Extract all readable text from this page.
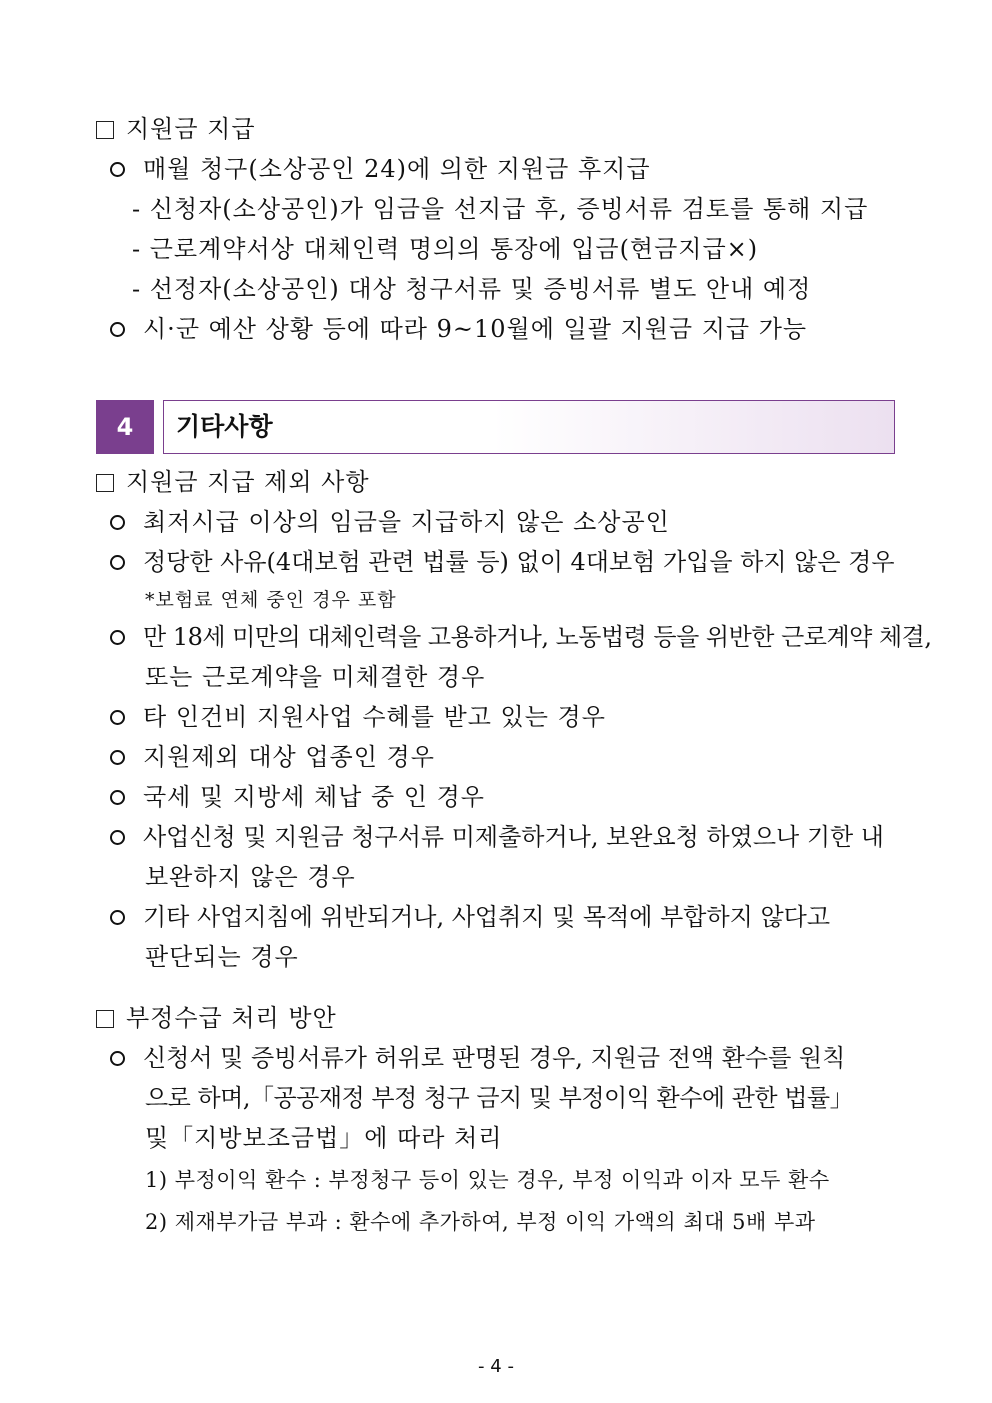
지원금 지급
매월 청구(소상공인 24)에 의한 지원금 후지급
- 신청자(소상공인)가 임금을 선지급 후, 증빙서류 검토를 통해 지급
- 근로계약서상 대체인력 명의의 통장에 입금(현금지급×)
- 선정자(소상공인) 대상 청구서류 및 증빙서류 별도 안내 예정
시·군 예산 상황 등에 따라 9~10월에 일괄 지원금 지급 가능
4	기타사항
지원금 지급 제외 사항
최저시급 이상의 임금을 지급하지 않은 소상공인
정당한 사유(4대보험 관련 법률 등) 없이 4대보험 가입을 하지 않은 경우
*보험료 연체 중인 경우 포함
만 18세 미만의 대체인력을 고용하거나, 노동법령 등을 위반한 근로계약 체결,
또는 근로계약을 미체결한 경우
타 인건비 지원사업 수혜를 받고 있는 경우
지원제외 대상 업종인 경우
국세 및 지방세 체납 중 인 경우
사업신청 및 지원금 청구서류 미제출하거나, 보완요청 하였으나 기한 내
보완하지 않은 경우
기타 사업지침에 위반되거나, 사업취지 및 목적에 부합하지 않다고
판단되는 경우
부정수급 처리 방안
신청서 및 증빙서류가 허위로 판명된 경우, 지원금 전액 환수를 원칙
으로 하며,「공공재정 부정 청구 금지 및 부정이익 환수에 관한 법률」
및「지방보조금법」에 따라 처리
1) 부정이익 환수 : 부정청구 등이 있는 경우, 부정 이익과 이자 모두 환수
2) 제재부가금 부과 : 환수에 추가하여, 부정 이익 가액의 최대 5배 부과
- 4 -
